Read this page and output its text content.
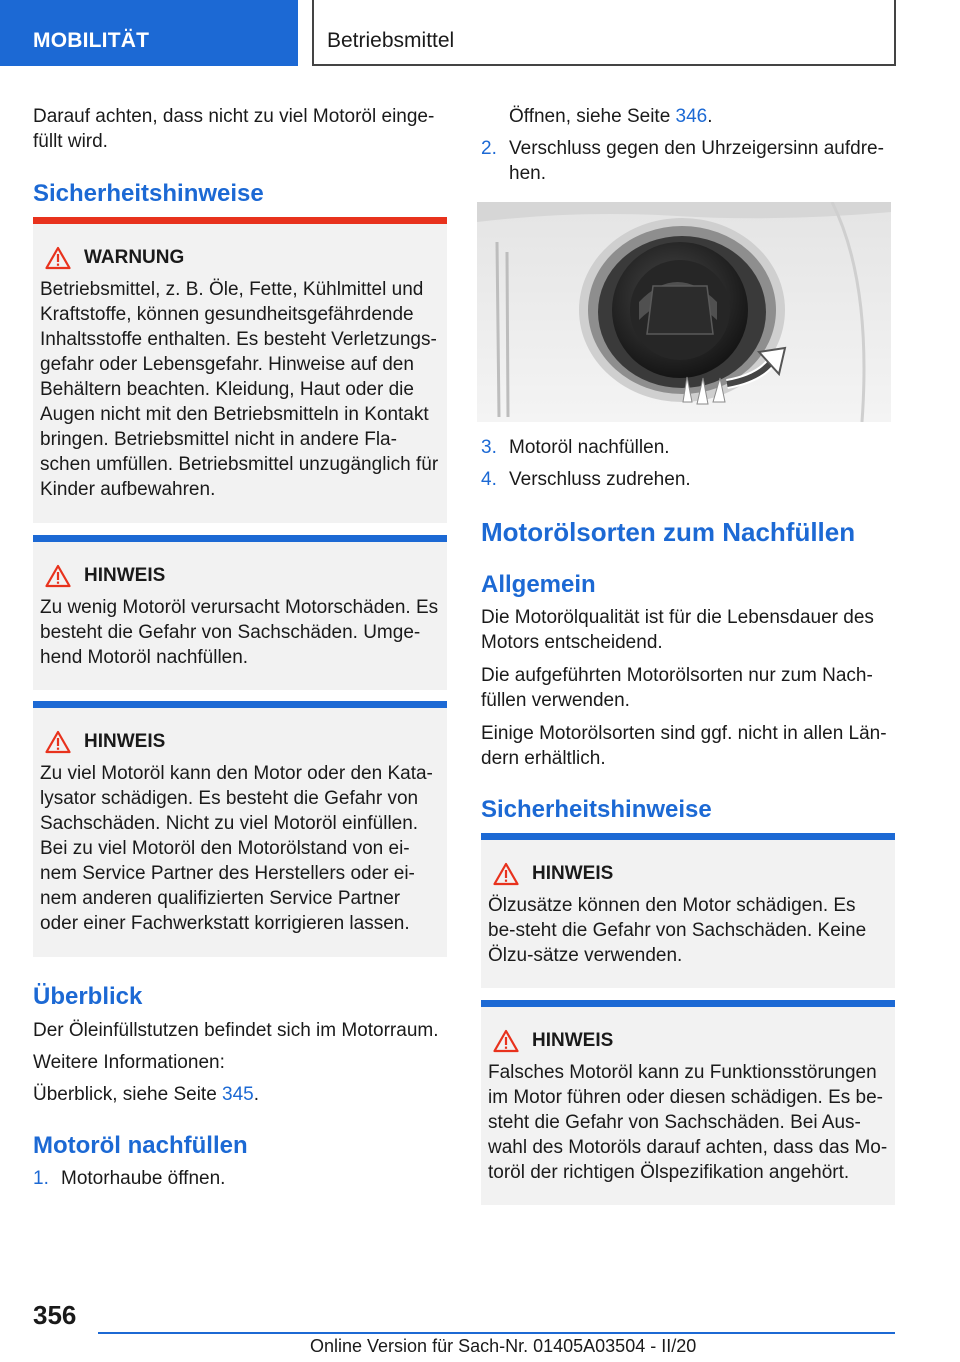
MOBILITÄT	Betriebsmittel

Darauf achten, dass nicht zu viel Motoröl einge-füllt wird.

Sicherheitshinweise
WARNUNG
Betriebsmittel, z. B. Öle, Fette, Kühlmittel und Kraftstoffe, können gesundheitsgefährdende Inhaltsstoffe enthalten. Es besteht Verletzungs-gefahr oder Lebensgefahr. Hinweise auf den Behältern beachten. Kleidung, Haut oder die Augen nicht mit den Betriebsmitteln in Kontakt bringen. Betriebsmittel nicht in andere Fla-schen umfüllen. Betriebsmittel unzugänglich für Kinder aufbewahren.
HINWEIS
Zu wenig Motoröl verursacht Motorschäden. Es besteht die Gefahr von Sachschäden. Umge-hend Motoröl nachfüllen.
HINWEIS
Zu viel Motoröl kann den Motor oder den Kata-lysator schädigen. Es besteht die Gefahr von Sachschäden. Nicht zu viel Motoröl einfüllen. Bei zu viel Motoröl den Motorölstand von ei-nem Service Partner des Herstellers oder ei-nem anderen qualifizierten Service Partner oder einer Fachwerkstatt korrigieren lassen.
Überblick

Der Öleinfüllstutzen befindet sich im Motorraum.

Weitere Informationen:

Überblick, siehe Seite 345.

Motoröl nachfüllen
1. Motorhaube öffnen.

Öffnen, siehe Seite 346.

2. Verschluss gegen den Uhrzeigersinn aufdre-hen.
3. Motoröl nachfüllen.
4. Verschluss zudrehen.
Motorölsorten zum Nachfüllen
Allgemein

Die Motorölqualität ist für die Lebensdauer des Motors entscheidend.

Die aufgeführten Motorölsorten nur zum Nach-füllen verwenden.

Einige Motorölsorten sind ggf. nicht in allen Län-dern erhältlich.

Sicherheitshinweise
HINWEIS
Ölzusätze können den Motor schädigen. Es be-steht die Gefahr von Sachschäden. Keine Ölzu-sätze verwenden.
HINWEIS
Falsches Motoröl kann zu Funktionsstörungen im Motor führen oder diesen schädigen. Es be-steht die Gefahr von Sachschäden. Bei Aus-wahl des Motoröls darauf achten, dass das Mo-toröl der richtigen Ölspezifikation angehört.
356
Online Version für Sach-Nr. 01405A03504 - II/20
